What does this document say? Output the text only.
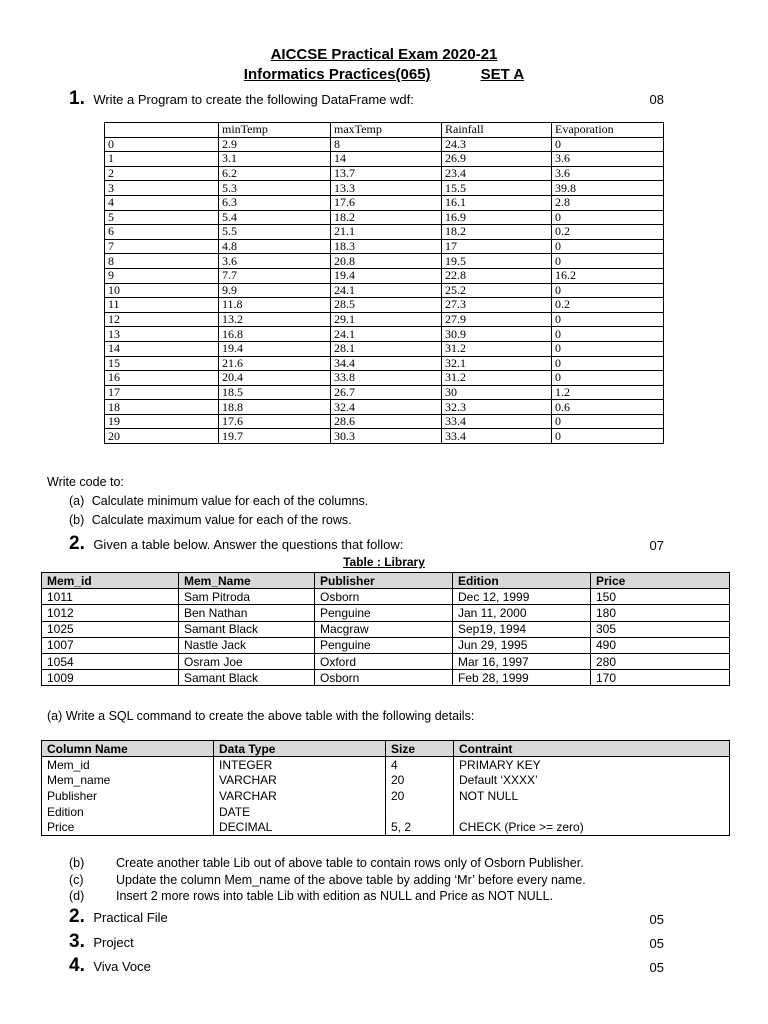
AICCSE Practical Exam 2020-21
Informatics Practices(065)	SET A
1. Write a Program to create the following DataFrame wdf:	08
	minTemp	maxTemp	Rainfall	Evaporation
0	2.9	8	24.3	0
1	3.1	14	26.9	3.6
2	6.2	13.7	23.4	3.6
3	5.3	13.3	15.5	39.8
4	6.3	17.6	16.1	2.8
5	5.4	18.2	16.9	0
6	5.5	21.1	18.2	0.2
7	4.8	18.3	17	0
8	3.6	20.8	19.5	0
9	7.7	19.4	22.8	16.2
10	9.9	24.1	25.2	0
11	11.8	28.5	27.3	0.2
12	13.2	29.1	27.9	0
13	16.8	24.1	30.9	0
14	19.4	28.1	31.2	0
15	21.6	34.4	32.1	0
16	20.4	33.8	31.2	0
17	18.5	26.7	30	1.2
18	18.8	32.4	32.3	0.6
19	17.6	28.6	33.4	0
20	19.7	30.3	33.4	0
Write code to:
(a) Calculate minimum value for each of the columns.
(b) Calculate maximum value for each of the rows.
2. Given a table below. Answer the questions that follow:	07
Table : Library
Mem_id	Mem_Name	Publisher	Edition	Price
1011	Sam Pitroda	Osborn	Dec 12, 1999	150
1012	Ben Nathan	Penguine	Jan 11, 2000	180
1025	Samant Black	Macgraw	Sep19, 1994	305
1007	Nastle Jack	Penguine	Jun 29, 1995	490
1054	Osram Joe	Oxford	Mar 16, 1997	280
1009	Samant Black	Osborn	Feb 28, 1999	170
(a) Write a SQL command to create the above table with the following details:
Column Name	Data Type	Size	Contraint
Mem_id	INTEGER	4	PRIMARY KEY
Mem_name	VARCHAR	20	Default ‘XXXX’
Publisher	VARCHAR	20	NOT NULL
Edition	DATE		
Price	DECIMAL	5, 2	CHECK (Price >= zero)
(b)	Create another table Lib out of above table to contain rows only of Osborn Publisher.
(c)	Update the column Mem_name of the above table by adding ‘Mr’ before every name.
(d)	Insert 2 more rows into table Lib with edition as NULL and Price as NOT NULL.
2. Practical File	05
3. Project	05
4. Viva Voce	05
